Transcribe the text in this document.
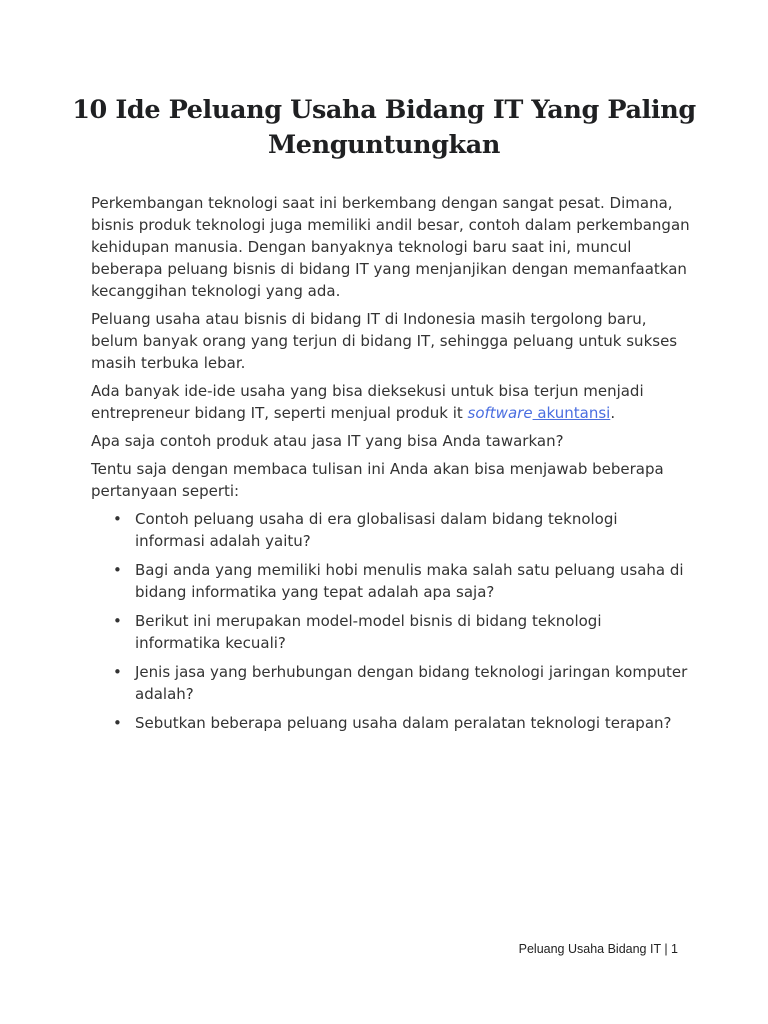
10 Ide Peluang Usaha Bidang IT Yang Paling Menguntungkan

Perkembangan teknologi saat ini berkembang dengan sangat pesat. Dimana, bisnis produk teknologi juga memiliki andil besar, contoh dalam perkembangan kehidupan manusia. Dengan banyaknya teknologi baru saat ini, muncul beberapa peluang bisnis di bidang IT yang menjanjikan dengan memanfaatkan kecanggihan teknologi yang ada.

Peluang usaha atau bisnis di bidang IT di Indonesia masih tergolong baru, belum banyak orang yang terjun di bidang IT, sehingga peluang untuk sukses masih terbuka lebar.

Ada banyak ide-ide usaha yang bisa dieksekusi untuk bisa terjun menjadi entrepreneur bidang IT, seperti menjual produk it software akuntansi.

Apa saja contoh produk atau jasa IT yang bisa Anda tawarkan?

Tentu saja dengan membaca tulisan ini Anda akan bisa menjawab beberapa pertanyaan seperti:

• Contoh peluang usaha di era globalisasi dalam bidang teknologi informasi adalah yaitu?
• Bagi anda yang memiliki hobi menulis maka salah satu peluang usaha di bidang informatika yang tepat adalah apa saja?
• Berikut ini merupakan model-model bisnis di bidang teknologi informatika kecuali?
• Jenis jasa yang berhubungan dengan bidang teknologi jaringan komputer adalah?
• Sebutkan beberapa peluang usaha dalam peralatan teknologi terapan?
Peluang Usaha Bidang IT | 1
